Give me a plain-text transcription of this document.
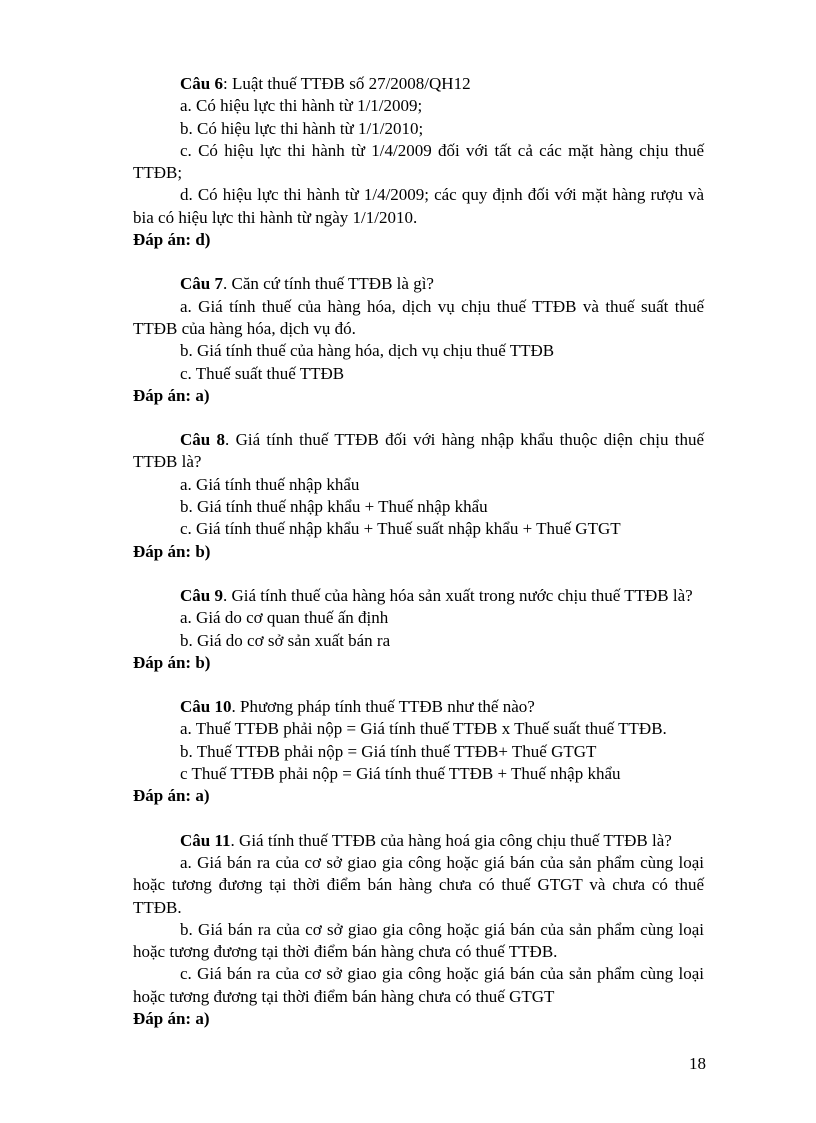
Câu 6: Luật thuế TTĐB số 27/2008/QH12

a. Có hiệu lực thi hành từ 1/1/2009;

b. Có hiệu lực thi hành từ 1/1/2010;

c. Có hiệu lực thi hành từ 1/4/2009 đối với tất cả các mặt hàng chịu thuế TTĐB;

d. Có hiệu lực thi hành từ 1/4/2009; các quy định đối với mặt hàng rượu và bia có hiệu lực thi hành từ ngày 1/1/2010.

Đáp án: d)

Câu 7. Căn cứ tính thuế TTĐB là gì?

a. Giá tính thuế của hàng hóa, dịch vụ chịu thuế TTĐB và thuế suất thuế TTĐB của hàng hóa, dịch vụ đó.

b. Giá tính thuế của hàng hóa, dịch vụ chịu thuế TTĐB

c. Thuế suất thuế TTĐB

Đáp án: a)

Câu 8. Giá tính thuế TTĐB đối với hàng nhập khẩu thuộc diện chịu thuế TTĐB là?

a. Giá tính thuế nhập khẩu

b. Giá tính thuế nhập khẩu + Thuế nhập khẩu

c. Giá tính thuế nhập khẩu + Thuế suất nhập khẩu + Thuế GTGT

Đáp án: b)

Câu 9. Giá tính thuế của hàng hóa sản xuất trong nước chịu thuế TTĐB là?

a. Giá do cơ quan thuế ấn định

b. Giá do cơ sở sản xuất bán ra

Đáp án: b)

Câu 10. Phương pháp tính thuế TTĐB như thế nào?

a. Thuế TTĐB phải nộp = Giá tính thuế TTĐB x Thuế suất thuế TTĐB.

b. Thuế TTĐB phải nộp = Giá tính thuế TTĐB+ Thuế GTGT

c Thuế TTĐB phải nộp = Giá tính thuế TTĐB + Thuế nhập khẩu

Đáp án: a)

Câu 11. Giá tính thuế TTĐB của hàng hoá gia công chịu thuế TTĐB là?

a. Giá bán ra của cơ sở giao gia công hoặc giá bán của sản phẩm cùng loại hoặc tương đương tại thời điểm bán hàng chưa có thuế GTGT và chưa có thuế TTĐB.

b. Giá bán ra của cơ sở giao gia công hoặc giá bán của sản phẩm cùng loại hoặc tương đương tại thời điểm bán hàng chưa có thuế TTĐB.

c. Giá bán ra của cơ sở giao gia công hoặc giá bán của sản phẩm cùng loại hoặc tương đương tại thời điểm bán hàng chưa có thuế GTGT

Đáp án: a)

18
